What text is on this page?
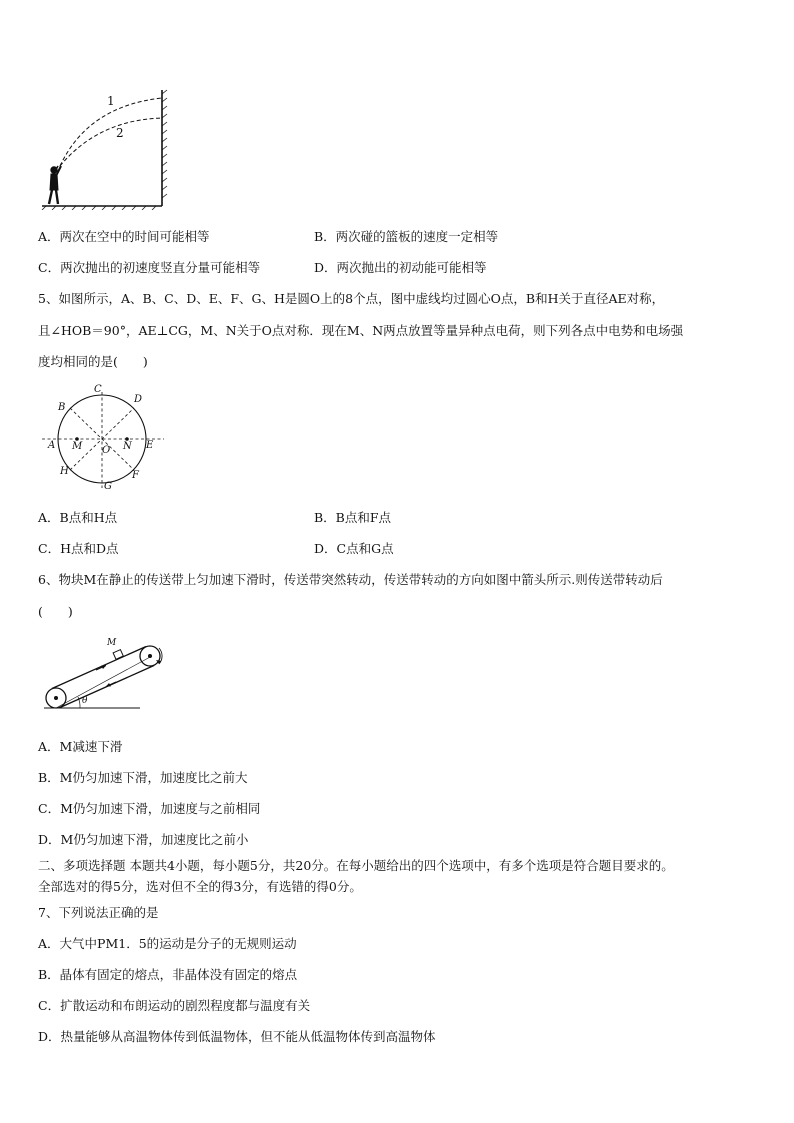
1
2
A．两次在空中的时间可能相等	B．两次碰的篮板的速度一定相等
C．两次抛出的初速度竖直分量可能相等	D．两次抛出的初动能可能相等
5、如图所示，A、B、C、D、E、F、G、H是圆O上的8个点，图中虚线均过圆心O点，B和H关于直径AE对称，
且∠HOB＝90°，AE⊥CG，M、N关于O点对称．现在M、N两点放置等量异种点电荷，则下列各点中电势和电场强
度均相同的是(　　)
A
B
C
D
E
F
G
H
M	N
O
A．B点和H点	B．B点和F点
C．H点和D点	D．C点和G点
6、物块M在静止的传送带上匀加速下滑时，传送带突然转动，传送带转动的方向如图中箭头所示.则传送带转动后
(　　)
M
θ
A．M减速下滑
B．M仍匀加速下滑，加速度比之前大
C．M仍匀加速下滑，加速度与之前相同
D．M仍匀加速下滑，加速度比之前小
二、多项选择题 本题共4小题，每小题5分，共20分。在每小题给出的四个选项中，有多个选项是符合题目要求的。
全部选对的得5分，选对但不全的得3分，有选错的得0分。
7、下列说法正确的是
A．大气中PM1．5的运动是分子的无规则运动
B．晶体有固定的熔点，非晶体没有固定的熔点
C．扩散运动和布朗运动的剧烈程度都与温度有关
D．热量能够从高温物体传到低温物体，但不能从低温物体传到高温物体
